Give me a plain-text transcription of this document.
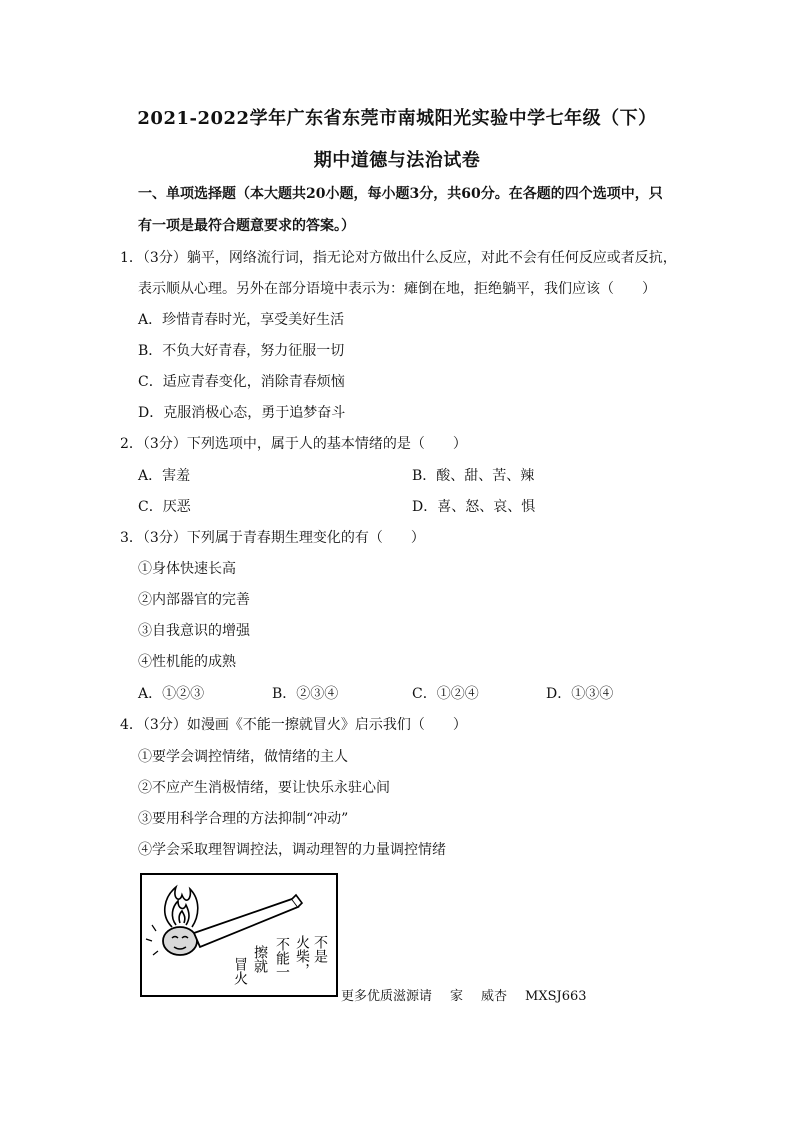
2021-2022学年广东省东莞市南城阳光实验中学七年级（下）
期中道德与法治试卷
一、单项选择题（本大题共20小题，每小题3分，共60分。在各题的四个选项中，只
有一项是最符合题意要求的答案。）
1．（3分）躺平，网络流行词，指无论对方做出什么反应，对此不会有任何反应或者反抗，
表示顺从心理。另外在部分语境中表示为：瘫倒在地，拒绝躺平，我们应该（　　）
A．珍惜青春时光，享受美好生活
B．不负大好青春，努力征服一切
C．适应青春变化，消除青春烦恼
D．克服消极心态，勇于追梦奋斗
2．（3分）下列选项中，属于人的基本情绪的是（　　）
A．害羞	B．酸、甜、苦、辣
C．厌恶	D．喜、怒、哀、惧
3．（3分）下列属于青春期生理变化的有（　　）
①身体快速长高
②内部器官的完善
③自我意识的增强
④性机能的成熟
A．①②③	B．②③④	C．①②④	D．①③④
4．（3分）如漫画《不能一擦就冒火》启示我们（　　）
①要学会调控情绪，做情绪的主人
②不应产生消极情绪，要让快乐永驻心间
③要用科学合理的方法抑制“冲动”
④学会采取理智调控法，调动理智的力量调控情绪
不是
火柴，
不能一
擦就
冒火
更多优质滋源请 家 威杏 MXSJ663
